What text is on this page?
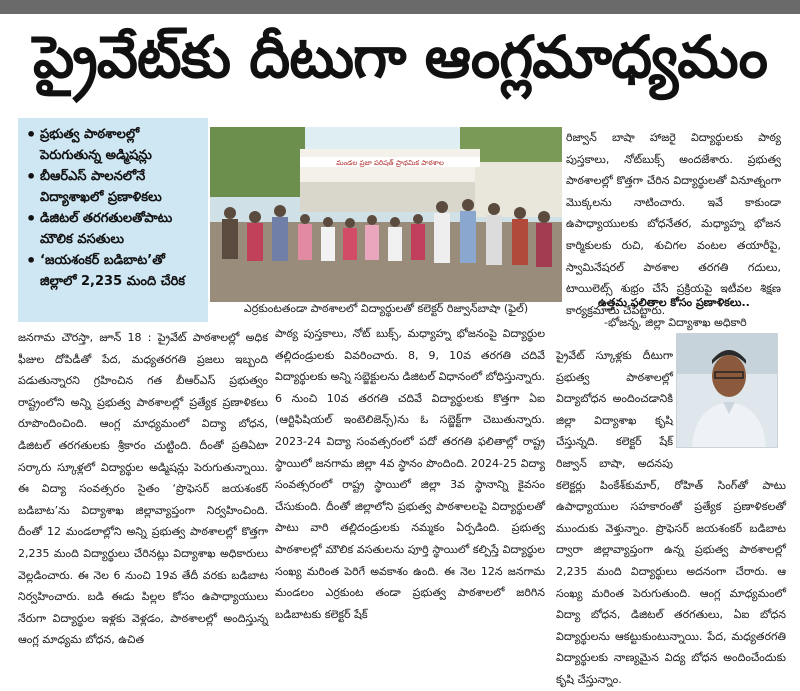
ప్రైవేట్‌కు దీటుగా ఆంగ్లమాధ్యమం
• ప్రభుత్వ పాఠశాలల్లో పెరుగుతున్న అడ్మిషన్లు
• బీఆర్ఎస్ పాలనలోనే విద్యాశాఖలో ప్రణాళికలు
• డిజిటల్ తరగతులతోపాటు మౌలిక వసతులు
• ‘జయశంకర్ బడిబాట’తో జిల్లాలో 2,235 మంది చేరిక
మండల ప్రజా పరిషత్ ప్రాథమిక పాఠశాల
ఎర్రకుంటతండా పాఠశాలలో విద్యార్థులతో కలెక్టర్ రిజ్వాన్‌బాషా (ఫైల్)

జనగామ చౌరస్తా, జూన్ 18 : ప్రైవేట్ పాఠశాలల్లో అధిక ఫీజుల దోపిడీతో పేద, మధ్యతరగతి ప్రజలు ఇబ్బంది పడుతున్నారని గ్రహించిన గత బీఆర్ఎస్ ప్రభుత్వం రాష్ట్రంలోని అన్ని ప్రభుత్వ పాఠశాలల్లో ప్రత్యేక ప్రణాళికలు రూపొందించింది. ఆంగ్ల మాధ్యమంలో విద్యా బోధన, డిజిటల్ తరగతులకు శ్రీకారం చుట్టింది. దీంతో ప్రతిఏటా సర్కారు స్కూళ్లలో విద్యార్థుల అడ్మిషన్లు పెరుగుతున్నాయి. ఈ విద్యా సంవత్సరం సైతం ‘ప్రొఫెసర్ జయశంకర్ బడిబాట’ను విద్యాశాఖ జిల్లావ్యాప్తంగా నిర్వహించింది. దీంతో 12 మండలాల్లోని అన్ని ప్రభుత్వ పాఠశాలల్లో కొత్తగా 2,235 మంది విద్యార్థులు చేరినట్లు విద్యాశాఖ అధికారులు వెల్లడించారు. ఈ నెల 6 నుంచి 19వ తేదీ వరకు బడిబాట నిర్వహించారు. బడి ఈడు పిల్లల కోసం ఉపాధ్యాయులు నేరుగా విద్యార్థుల ఇళ్లకు వెళ్లడం, పాఠశాలల్లో అందిస్తున్న ఆంగ్ల మాధ్యమ బోధన, ఉచిత

పాఠ్య పుస్తకాలు, నోట్ బుక్స్, మధ్యాహ్న భోజనంపై విద్యార్థుల తల్లిదండ్రులకు వివరించారు. 8, 9, 10వ తరగతి చదివే విద్యార్థులకు అన్ని సబ్జెక్టులను డిజిటల్ విధానంలో బోధిస్తున్నారు. 6 నుంచి 10వ తరగతి చదివే విద్యార్థులకు కొత్తగా ఏఐ (ఆర్టిఫిషియల్ ఇంటెలిజెన్స్)ను ఓ సబ్జెక్ట్‌గా చెబుతున్నారు. 2023-24 విద్యా సంవత్సరంలో పదో తరగతి ఫలితాల్లో రాష్ట్ర స్థాయిలో జనగామ జిల్లా 4వ స్థానం పొందింది. 2024-25 విద్యా సంవత్సరంలో రాష్ట్ర స్థాయిలో జిల్లా 3వ స్థానాన్ని కైవసం చేసుకుంది. దీంతో జిల్లాలోని ప్రభుత్వ పాఠశాలలపై విద్యార్థులతో పాటు వారి తల్లిదండ్రులకు నమ్మకం ఏర్పడింది. ప్రభుత్వ పాఠశాలల్లో మౌలిక వసతులను పూర్తి స్థాయిలో కల్పిస్తే విద్యార్థుల సంఖ్య మరింత పెరిగే అవకాశం ఉంది. ఈ నెల 12న జనగామ మండలం ఎర్రకుంట తండా ప్రభుత్వ పాఠశాలలో జరిగిన బడిబాటకు కలెక్టర్ షేక్

రిజ్వాన్ బాషా హాజరై విద్యార్థులకు పాఠ్య పుస్తకాలు, నోట్‌బుక్స్ అందజేశారు. ప్రభుత్వ పాఠశాలల్లో కొత్తగా చేరిన విద్యార్థులతో వినూత్నంగా మొక్కలను నాటించారు. ఇవే కాకుండా ఉపాధ్యాయులకు బోధనేతర, మధ్యాహ్న భోజన కార్మికులకు రుచి, శుచిగల వంటల తయారీపై, స్వామినేషరల్ పాఠశాల తరగతి గదులు, టాయిలెట్స్ శుభ్రం చేసే ప్రక్రియపై ఇటీవల శిక్షణ కార్యక్రమాలు చేపట్టారు.

ఉత్తమ ఫలితాల కోసం ప్రణాళికలు..
-భోజన్న, జిల్లా విద్యాశాఖ అధికారి

ప్రైవేట్ స్కూళ్లకు దీటుగా ప్రభుత్వ పాఠశాలల్లో విద్యాబోధన అందించడానికి జిల్లా విద్యాశాఖ కృషి చేస్తున్నది. కలెక్టర్ షేక్ రిజ్వాన్ బాషా, అదనపు కలెక్టర్లు పింకేశ్‌కుమార్, రోహిత్ సింగ్‌తో పాటు ఉపాధ్యాయుల సహకారంతో ప్రత్యేక ప్రణాళికలతో ముందుకు వెళ్తున్నాం. ప్రొఫెసర్ జయశంకర్ బడిబాట ద్వారా జిల్లావ్యాప్తంగా ఉన్న ప్రభుత్వ పాఠశాలల్లో 2,235 మంది విద్యార్థులు అదనంగా చేరారు. ఆ సంఖ్య మరింత పెరుగుతుంది. ఆంగ్ల మాధ్యమంలో విద్యా బోధన, డిజిటల్ తరగతులు, ఏఐ బోధన విద్యార్థులను ఆకట్టుకుంటున్నాయి. పేద, మధ్యతరగతి విద్యార్థులకు నాణ్యమైన విద్య బోధన అందించేందుకు కృషి చేస్తున్నాం.
